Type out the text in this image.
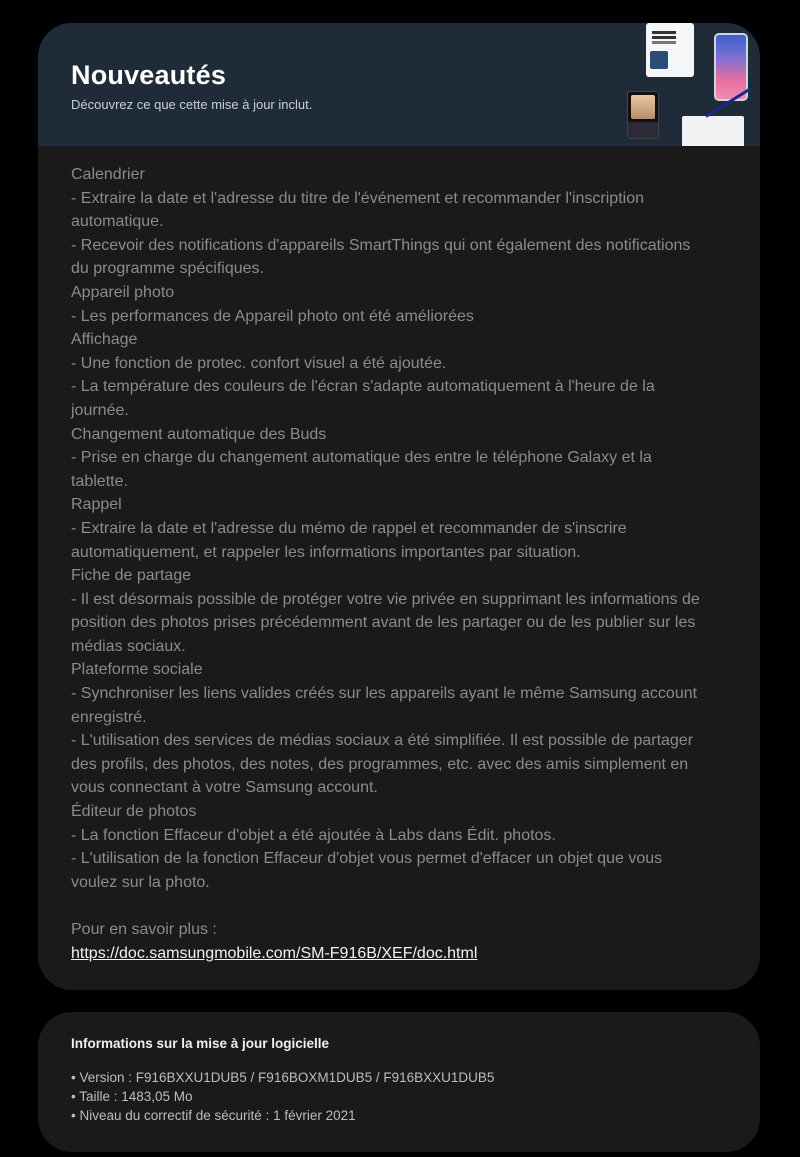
Nouveautés
Découvrez ce que cette mise à jour inclut.
Calendrier
- Extraire la date et l'adresse du titre de l'événement et recommander l'inscription
automatique.
- Recevoir des notifications d'appareils SmartThings qui ont également des notifications
du programme spécifiques.
Appareil photo
- Les performances de Appareil photo ont été améliorées
Affichage
- Une fonction de protec. confort visuel a été ajoutée.
- La température des couleurs de l'écran s'adapte automatiquement à l'heure de la
journée.
Changement automatique des Buds
- Prise en charge du changement automatique des entre le téléphone Galaxy et la
tablette.
Rappel
- Extraire la date et l'adresse du mémo de rappel et recommander de s'inscrire
automatiquement, et rappeler les informations importantes par situation.
Fiche de partage
- Il est désormais possible de protéger votre vie privée en supprimant les informations de
position des photos prises précédemment avant de les partager ou de les publier sur les
médias sociaux.
Plateforme sociale
- Synchroniser les liens valides créés sur les appareils ayant le même Samsung account
enregistré.
- L'utilisation des services de médias sociaux a été simplifiée. Il est possible de partager
des profils, des photos, des notes, des programmes, etc. avec des amis simplement en
vous connectant à votre Samsung account.
Éditeur de photos
- La fonction Effaceur d'objet a été ajoutée à Labs dans Édit. photos.
- L'utilisation de la fonction Effaceur d'objet vous permet d'effacer un objet que vous
voulez sur la photo.
Pour en savoir plus :
https://doc.samsungmobile.com/SM-F916B/XEF/doc.html
Informations sur la mise à jour logicielle
• Version : F916BXXU1DUB5 / F916BOXM1DUB5 / F916BXXU1DUB5
• Taille : 1483,05 Mo
• Niveau du correctif de sécurité : 1 février 2021
